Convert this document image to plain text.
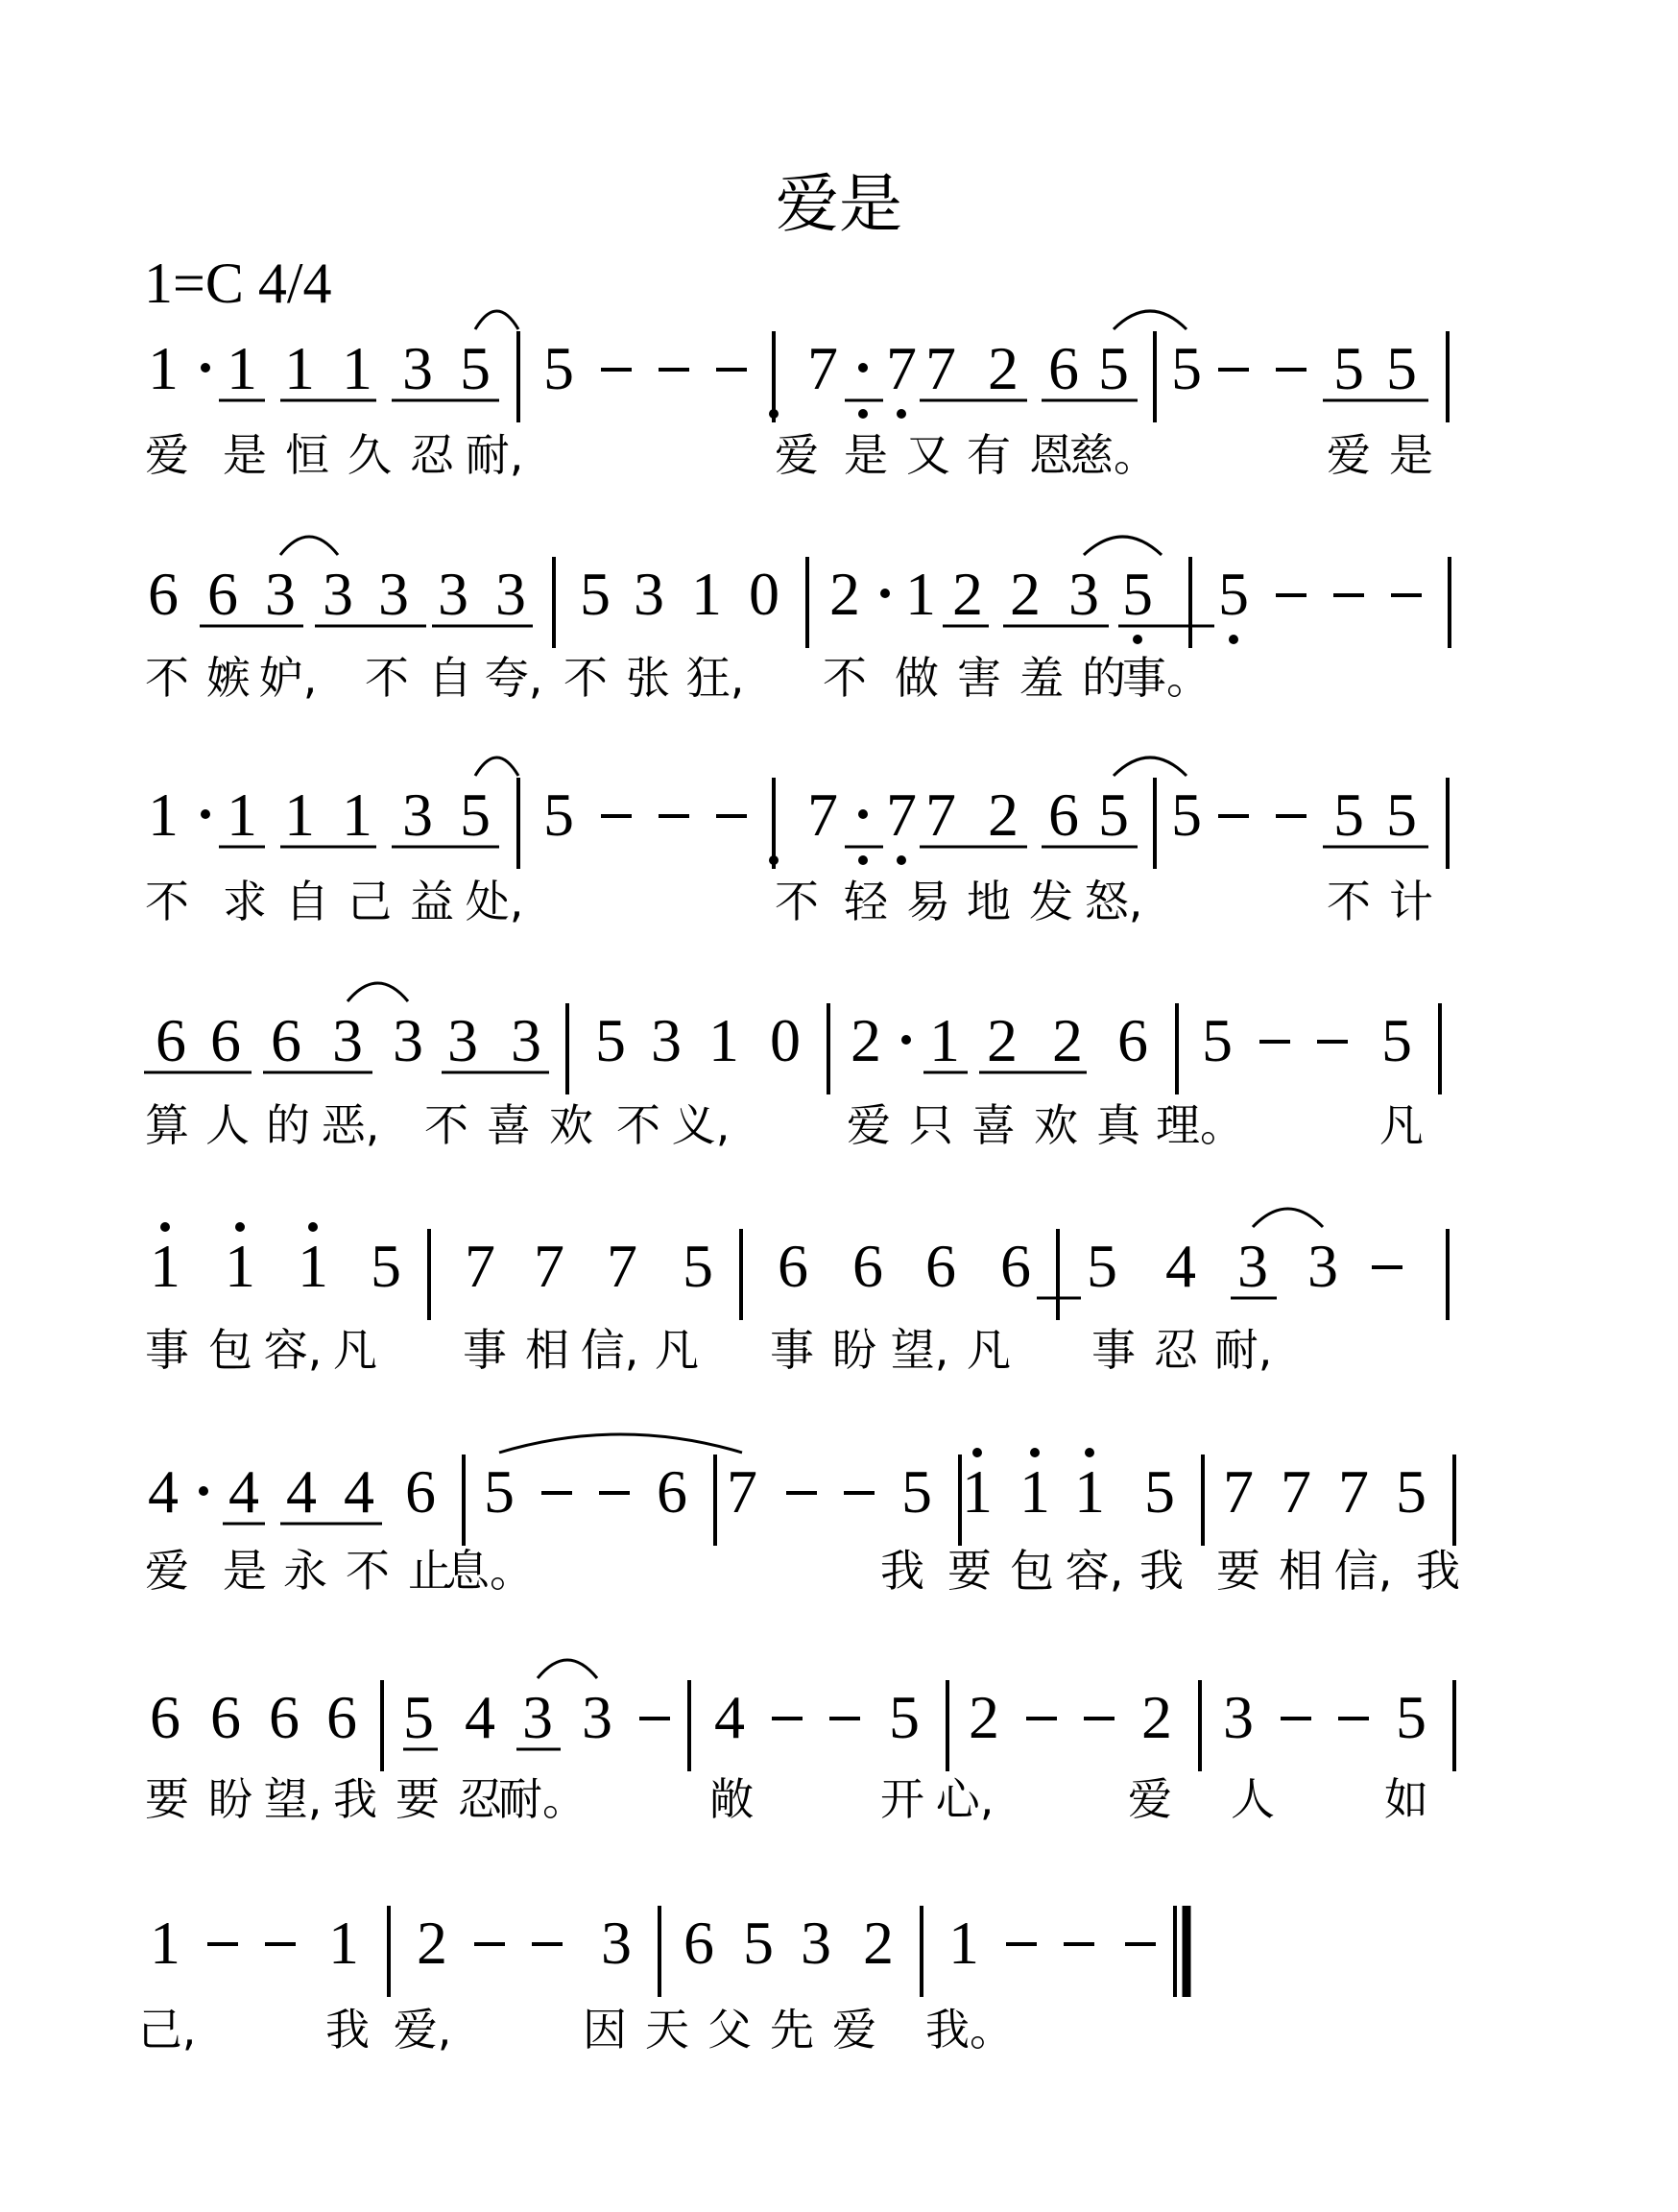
爱是
1=C 4/4
1 1 1 1 3 5 5	7 7 7 2 6 5 5 5 5
爱 是 恒 久 忍 耐,	爱 是 又 有 恩
慈。	爱 是
6 6 3 3 3 3 3 5 3 1 0 2 1 2 2 3 5 5
不 嫉 妒, 不 自 夸, 不 张 狂, 不 做 害 羞 的
事。
1 1 1 1 3 5 5	7 7 7 2 6 5 5 5 5
不 求 自 己 益 处,	不 轻 易 地 发 怒,	不 计
6 6 6 3 3 3 3 5 3 1 0 2 1 2 2 6 5 5
算 人 的 恶, 不 喜 欢 不 义,	爱 只 喜 欢 真 理。	凡
1 1 1 5 7 7 7 5 6 6 6 6 5 4 3 3
事 包 容, 凡 事 相 信, 凡 事 盼 望, 凡 事 忍 耐,
4 4 4 4 6 5 6 7 5 1 1 1 5 7 7 7 5
爱 是 永 不 止
息。	我 要 包 容, 我 要 相 信, 我
6 6 6 6 5 4 3 3 4 5 2 2 3 5
要 盼 望, 我 要 忍
耐。	敞	开 心,	爱 人 如
1 1 2	3 6 5 3 2 1
己,	我 爱,	因 天 父 先 爱 我。
